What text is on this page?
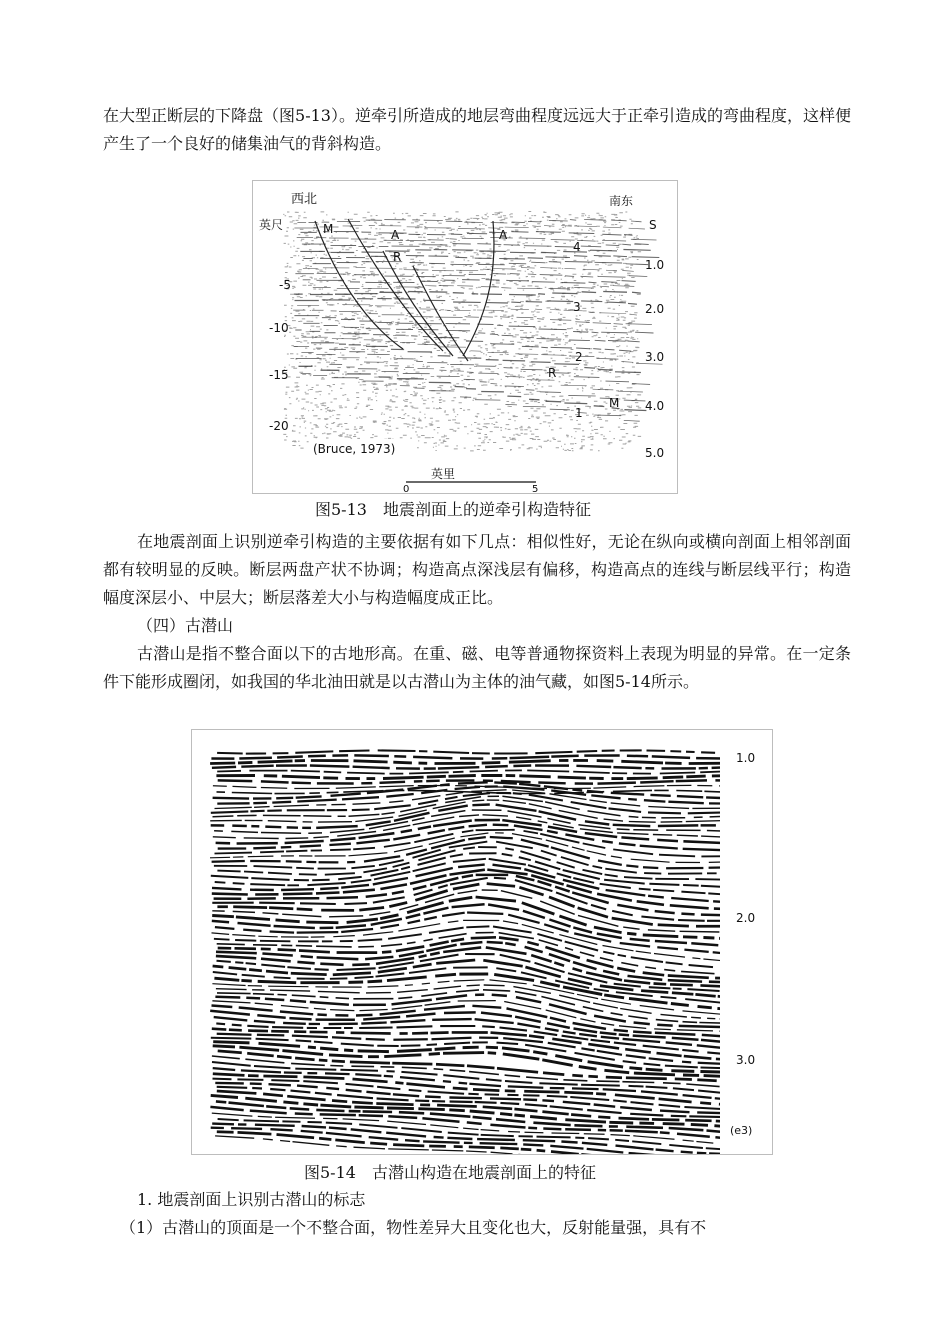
在大型正断层的下降盘（图5-13）。逆牵引所造成的地层弯曲程度远远大于正牵引造成的弯曲程度，这样便产生了一个良好的储集油气的背斜构造。

西北	南东
英尺	S
-5
-10
-15
-20
1.0
2.0
3.0
4.0
5.0
M	A
R
A
4
3
2
1
R
M
(Bruce, 1973)
英里
0	5
图5-13　地震剖面上的逆牵引构造特征

在地震剖面上识别逆牵引构造的主要依据有如下几点：相似性好，无论在纵向或横向剖面上相邻剖面都有较明显的反映。断层两盘产状不协调；构造高点深浅层有偏移，构造高点的连线与断层线平行；构造幅度深层小、中层大；断层落差大小与构造幅度成正比。

（四）古潜山

古潜山是指不整合面以下的古地形高。在重、磁、电等普通物探资料上表现为明显的异常。在一定条件下能形成圈闭，如我国的华北油田就是以古潜山为主体的油气藏，如图5-14所示。

1.0
2.0
3.0
(e3)
图5-14　古潜山构造在地震剖面上的特征

1. 地震剖面上识别古潜山的标志

（1）古潜山的顶面是一个不整合面，物性差异大且变化也大，反射能量强，具有不
